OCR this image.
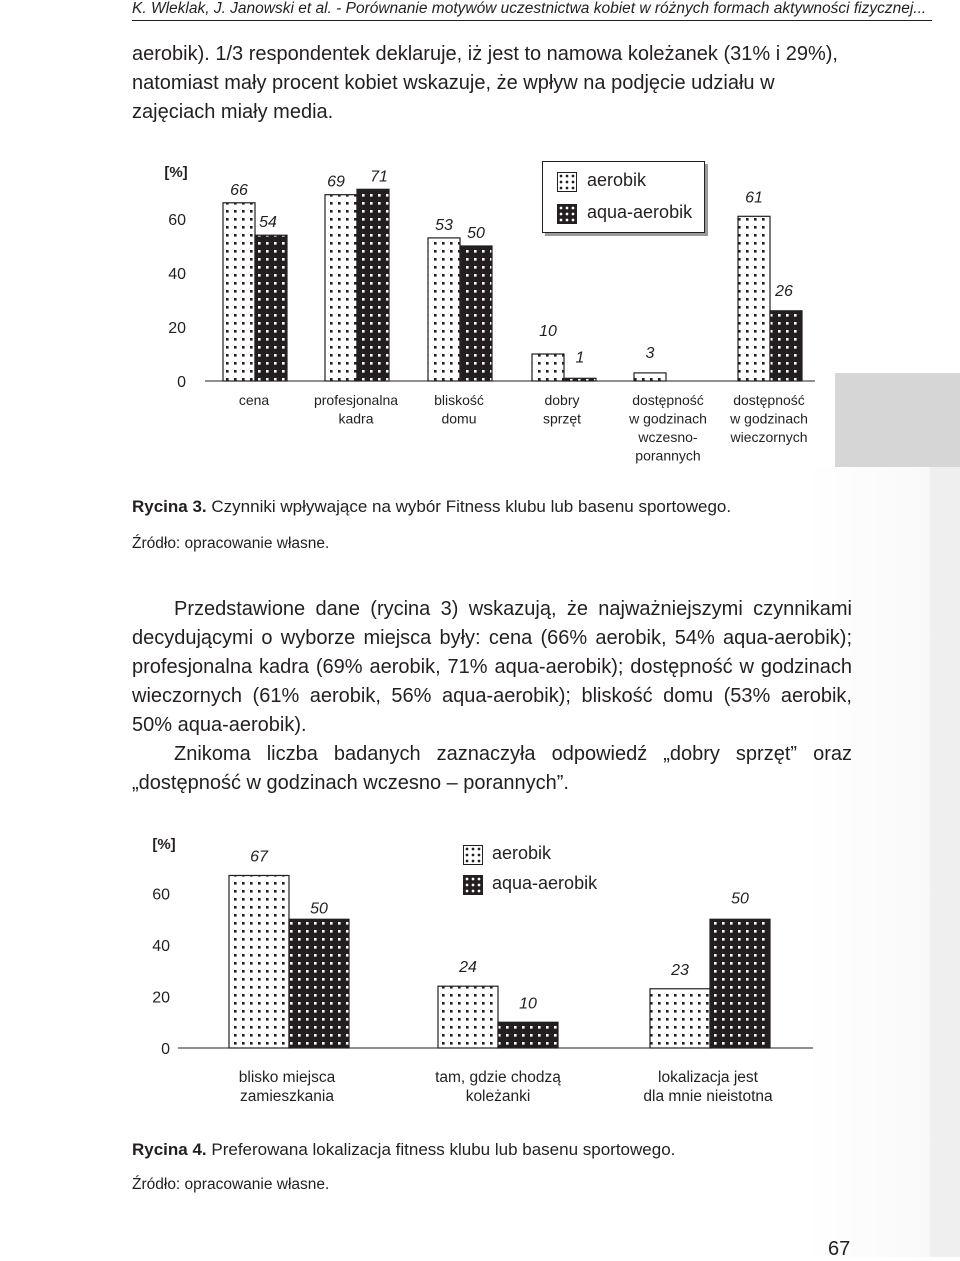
K. Wleklak, J. Janowski et al. - Porównanie motywów uczestnictwa kobiet w różnych formach aktywności fizycznej...

aerobik). 1/3 respondentek deklaruje, iż jest to namowa koleżanek (31% i 29%), natomiast mały procent kobiet wskazuje, że wpływ na podjęcie udziału w zajęciach miały media.

[%]
0
20
40
60
66
54
cena
69 71
profesjonalna
kadra
53 50
bliskość
domu
10
1
dobry
sprzęt
3
dostępność
w godzinach
wczesno-
porannych
61
26
dostępność
w godzinach
wieczornych
aerobik
aqua-aerobik
Rycina 3. Czynniki wpływające na wybór Fitness klubu lub basenu sportowego.
Źródło: opracowanie własne.

Przedstawione dane (rycina 3) wskazują, że najważniejszymi czynnikami decydującymi o wyborze miejsca były: cena (66% aerobik, 54% aqua-aerobik); profesjonalna kadra (69% aerobik, 71% aqua-aerobik); dostępność w godzinach wieczornych (61% aerobik, 56% aqua-aerobik); bliskość domu (53% aerobik, 50% aqua-aerobik).

Znikoma liczba badanych zaznaczyła odpowiedź „dobry sprzęt” oraz „dostępność w godzinach wczesno – porannych”.

[%]
0
20
40
60
67
50
blisko miejsca
zamieszkania
24
10
tam, gdzie chodzą
koleżanki
23
50
lokalizacja jest
dla mnie nieistotna
aerobik
aqua-aerobik
Rycina 4. Preferowana lokalizacja fitness klubu lub basenu sportowego.
Źródło: opracowanie własne.
67
